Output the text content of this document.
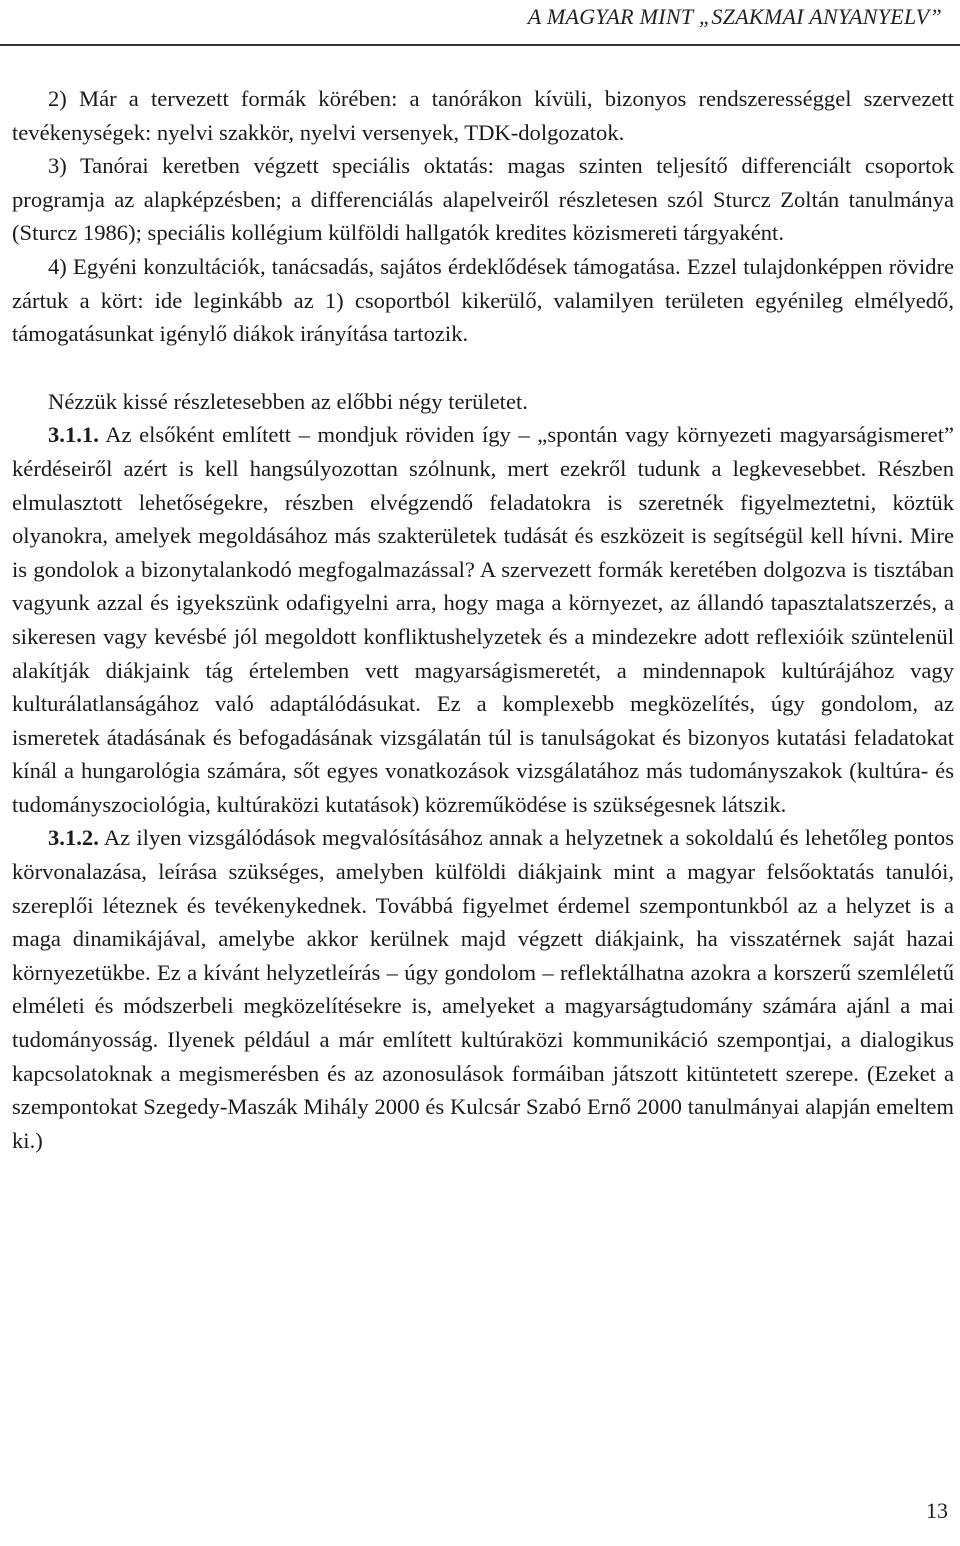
A MAGYAR MINT „SZAKMAI ANYANYELV”

2) Már a tervezett formák körében: a tanórákon kívüli, bizonyos rendszerességgel szervezett tevékenységek: nyelvi szakkör, nyelvi versenyek, TDK-dolgozatok.

3) Tanórai keretben végzett speciális oktatás: magas szinten teljesítő differenciált csoportok programja az alapképzésben; a differenciálás alapelveiről részletesen szól Sturcz Zoltán tanulmánya (Sturcz 1986); speciális kollégium külföldi hallgatók kredites közismereti tárgyaként.

4) Egyéni konzultációk, tanácsadás, sajátos érdeklődések támogatása. Ezzel tulajdonképpen rövidre zártuk a kört: ide leginkább az 1) csoportból kikerülő, valamilyen területen egyénileg elmélyedő, támogatásunkat igénylő diákok irányítása tartozik.

Nézzük kissé részletesebben az előbbi négy területet.

3.1.1. Az elsőként említett – mondjuk röviden így – „spontán vagy környezeti magyarságismeret” kérdéseiről azért is kell hangsúlyozottan szólnunk, mert ezekről tudunk a legkevesebbet. Részben elmulasztott lehetőségekre, részben elvégzendő feladatokra is szeretnék figyelmeztetni, köztük olyanokra, amelyek megoldásához más szakterületek tudását és eszközeit is segítségül kell hívni. Mire is gondolok a bizonytalankodó megfogalmazással? A szervezett formák keretében dolgozva is tisztában vagyunk azzal és igyekszünk odafigyelni arra, hogy maga a környezet, az állandó tapasztalatszerzés, a sikeresen vagy kevésbé jól megoldott konfliktushelyzetek és a mindezekre adott reflexióik szüntelenül alakítják diákjaink tág értelemben vett magyarságismeretét, a mindennapok kultúrájához vagy kulturálatlanságához való adaptálódásukat. Ez a komplexebb megközelítés, úgy gondolom, az ismeretek átadásának és befogadásának vizsgálatán túl is tanulságokat és bizonyos kutatási feladatokat kínál a hungarológia számára, sőt egyes vonatkozások vizsgálatához más tudományszakok (kultúra- és tudományszociológia, kultúraközi kutatások) közreműködése is szükségesnek látszik.

3.1.2. Az ilyen vizsgálódások megvalósításához annak a helyzetnek a sokoldalú és lehetőleg pontos körvonalazása, leírása szükséges, amelyben külföldi diákjaink mint a magyar felsőoktatás tanulói, szereplői léteznek és tevékenykednek. Továbbá figyelmet érdemel szempontunkból az a helyzet is a maga dinamikájával, amelybe akkor kerülnek majd végzett diákjaink, ha visszatérnek saját hazai környezetükbe. Ez a kívánt helyzetleírás – úgy gondolom – reflektálhatna azokra a korszerű szemléletű elméleti és módszerbeli megközelítésekre is, amelyeket a magyarságtudomány számára ajánl a mai tudományosság. Ilyenek például a már említett kultúraközi kommunikáció szempontjai, a dialogikus kapcsolatoknak a megismerésben és az azonosulások formáiban játszott kitüntetett szerepe. (Ezeket a szempontokat Szegedy-Maszák Mihály 2000 és Kulcsár Szabó Ernő 2000 tanulmányai alapján emeltem ki.)

13
